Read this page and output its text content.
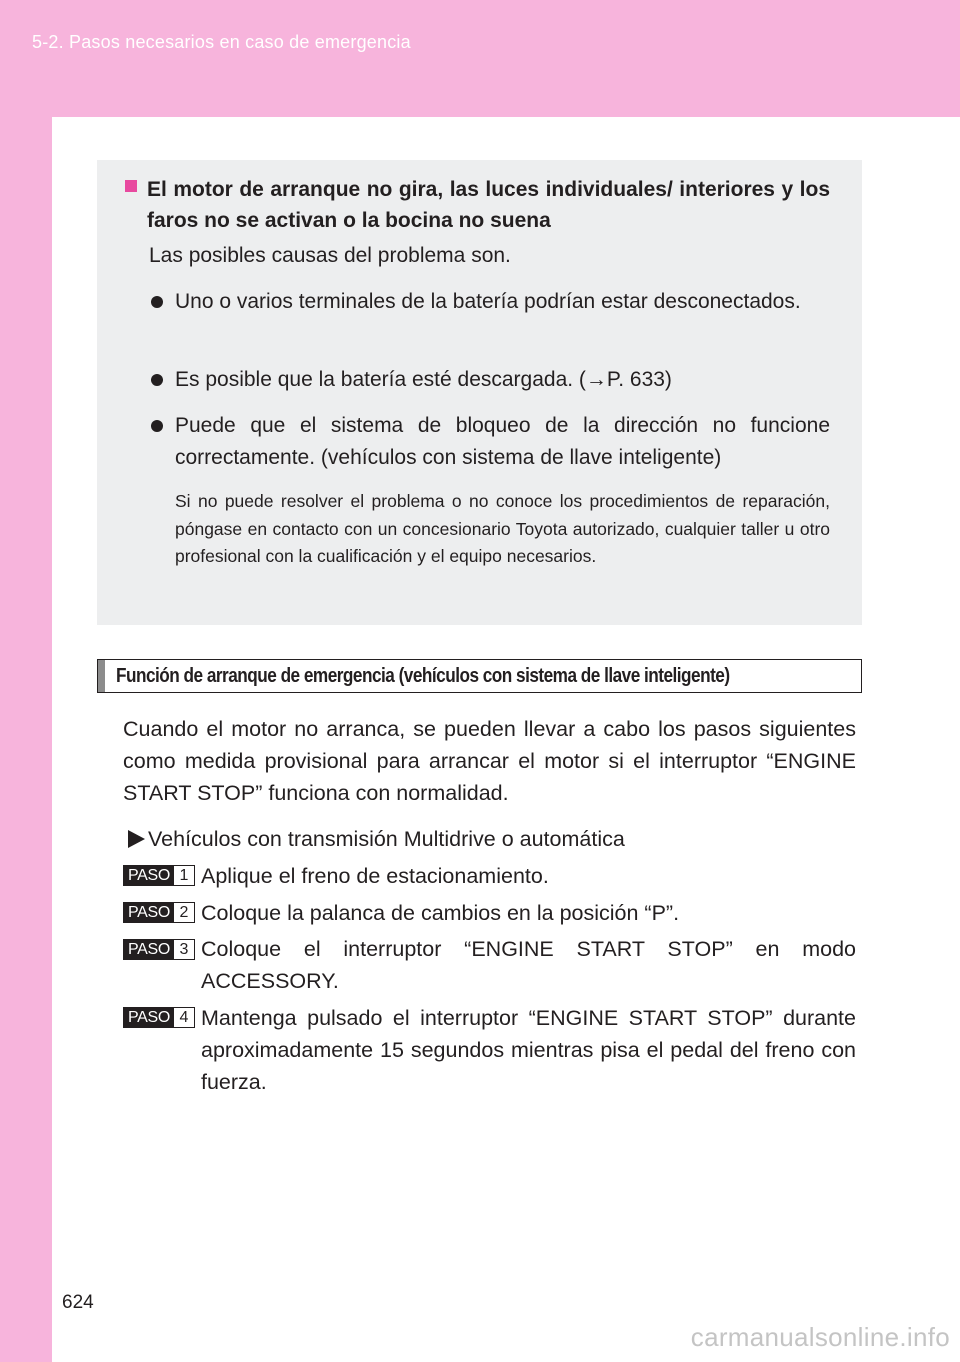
5-2. Pasos necesarios en caso de emergencia
El motor de arranque no gira, las luces individuales/ interiores y los faros no se activan o la bocina no suena
Las posibles causas del problema son.
Uno o varios terminales de la batería podrían estar desconectados.
Es posible que la batería esté descargada. (→P. 633)
Puede que el sistema de bloqueo de la dirección no funcione correctamente. (vehículos con sistema de llave inteligente)
Si no puede resolver el problema o no conoce los procedimientos de reparación, póngase en contacto con un concesionario Toyota autorizado, cualquier taller u otro profesional con la cualificación y el equipo necesarios.
Función de arranque de emergencia (vehículos con sistema de llave inteligente)
Cuando el motor no arranca, se pueden llevar a cabo los pasos siguientes como medida provisional para arrancar el motor si el interruptor “ENGINE START STOP” funciona con normalidad.
Vehículos con transmisión Multidrive o automática
PASO 1 Aplique el freno de estacionamiento.
PASO 2 Coloque la palanca de cambios en la posición “P”.
PASO 3 Coloque el interruptor “ENGINE START STOP” en modo ACCESSORY.
PASO 4 Mantenga pulsado el interruptor “ENGINE START STOP” durante aproximadamente 15 segundos mientras pisa el pedal del freno con fuerza.
624
carmanualsonline.info
